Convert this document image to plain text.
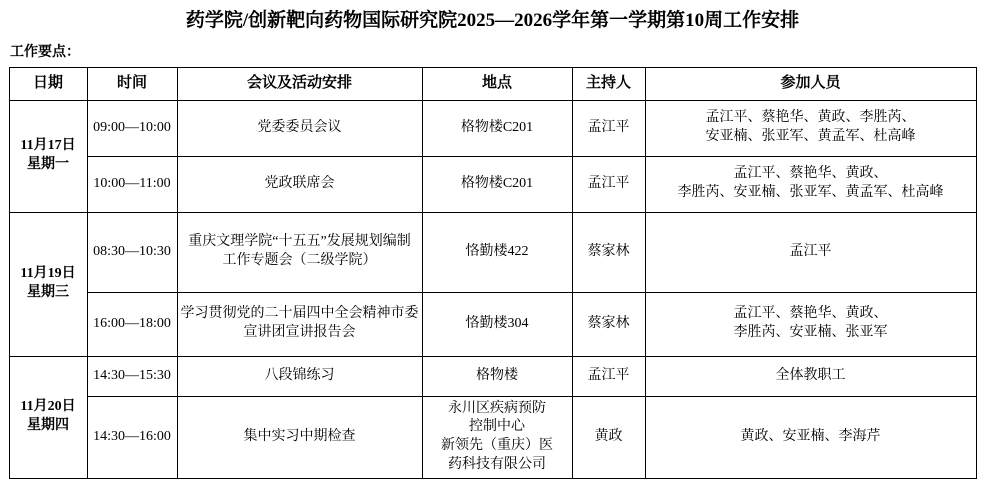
药学院/创新靶向药物国际研究院2025—2026学年第一学期第10周工作安排
工作要点：
日期	时间	会议及活动安排	地点	主持人	参加人员
11月17日
星期一	09:00—10:00	党委委员会议	格物楼C201	孟江平	孟江平、蔡艳华、黄政、李胜芮、
安亚楠、张亚军、黄孟军、杜高峰
	10:00—11:00	党政联席会	格物楼C201	孟江平	孟江平、蔡艳华、黄政、
李胜芮、安亚楠、张亚军、黄孟军、杜高峰
11月19日
星期三	08:30—10:30	重庆文理学院“十五五”发展规划编制
工作专题会（二级学院）	恪勤楼422	蔡家林	孟江平
	16:00—18:00	学习贯彻党的二十届四中全会精神市委
宣讲团宣讲报告会	恪勤楼304	蔡家林	孟江平、蔡艳华、黄政、
李胜芮、安亚楠、张亚军
11月20日
星期四	14:30—15:30	八段锦练习	格物楼	孟江平	全体教职工
	14:30—16:00	集中实习中期检查	永川区疾病预防
控制中心
新领先（重庆）医
药科技有限公司	黄政	黄政、安亚楠、李海芹
